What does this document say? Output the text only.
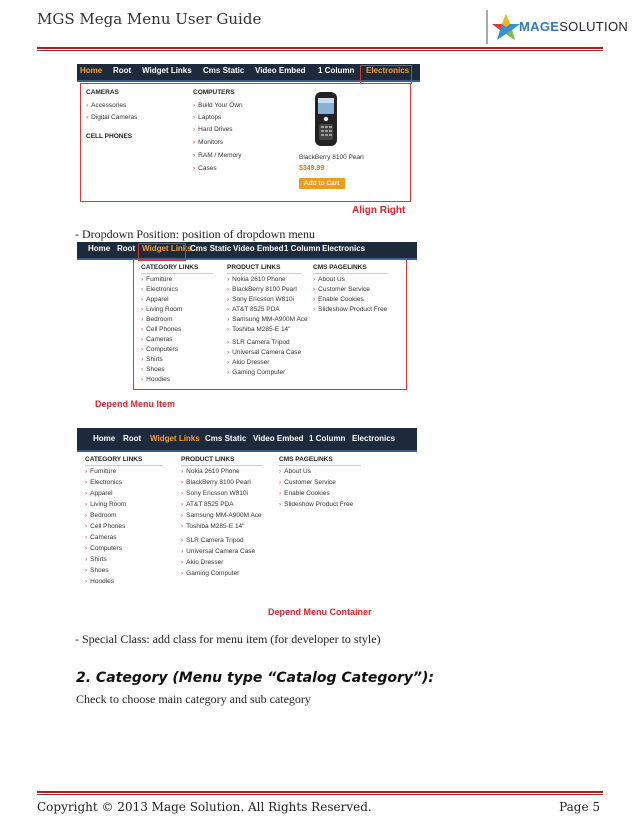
MGS Mega Menu User Guide	MAGESOLUTION
Home Root Widget Links Cms Static Video Embed 1 Column Electronics
CAMERAS
› Accessories
› Digital Cameras
CELL PHONES
COMPUTERS
› Build Your Own
› Laptops
› Hard Drives
› Monitors
› RAM / Memory
› Cases
BlackBerry 8100 Pearl
$349.99
Add to Cart
Align Right
- Dropdown Position: position of dropdown menu
Home Root Widget Links
Cms Static Video Embed 1 Column Electronics
CATEGORY LINKS
› Furniture
› Electronics
› Apparel
› Living Room
› Bedroom
› Cell Phones
› Cameras
› Computers
› Shirts
› Shoes
› Hoodies
PRODUCT LINKS
› Nokia 2610 Phone
› BlackBerry 8100 Pearl
› Sony Ericsson W810i
› AT&T 8525 PDA
› Samsung MM-A900M Ace
› Toshiba M285-E 14"
› SLR Camera Tripod
› Universal Camera Case
› Akio Dresser
› Gaming Computer
CMS PAGELINKS
› About Us
› Customer Service
› Enable Cookies
› Slideshow Product Free
Depend Menu Item
Home Root Widget Links Cms Static Video Embed 1 Column Electronics
CATEGORY LINKS
› Furniture
› Electronics
› Apparel
› Living Room
› Bedroom
› Cell Phones
› Cameras
› Computers
› Shirts
› Shoes
› Hoodies
PRODUCT LINKS
› Nokia 2610 Phone
› BlackBerry 8100 Pearl
› Sony Ericsson W810i
› AT&T 8525 PDA
› Samsung MM-A900M Ace
› Toshiba M285-E 14"
› SLR Camera Tripod
› Universal Camera Case
› Akio Dresser
› Gaming Computer
CMS PAGELINKS
› About Us
› Customer Service
› Enable Cookies
› Slideshow Product Free
Depend Menu Container
- Special Class: add class for menu item (for developer to style)
2. Category (Menu type “Catalog Category”):
Check to choose main category and sub category
Copyright © 2013 Mage Solution. All Rights Reserved.	Page 5
